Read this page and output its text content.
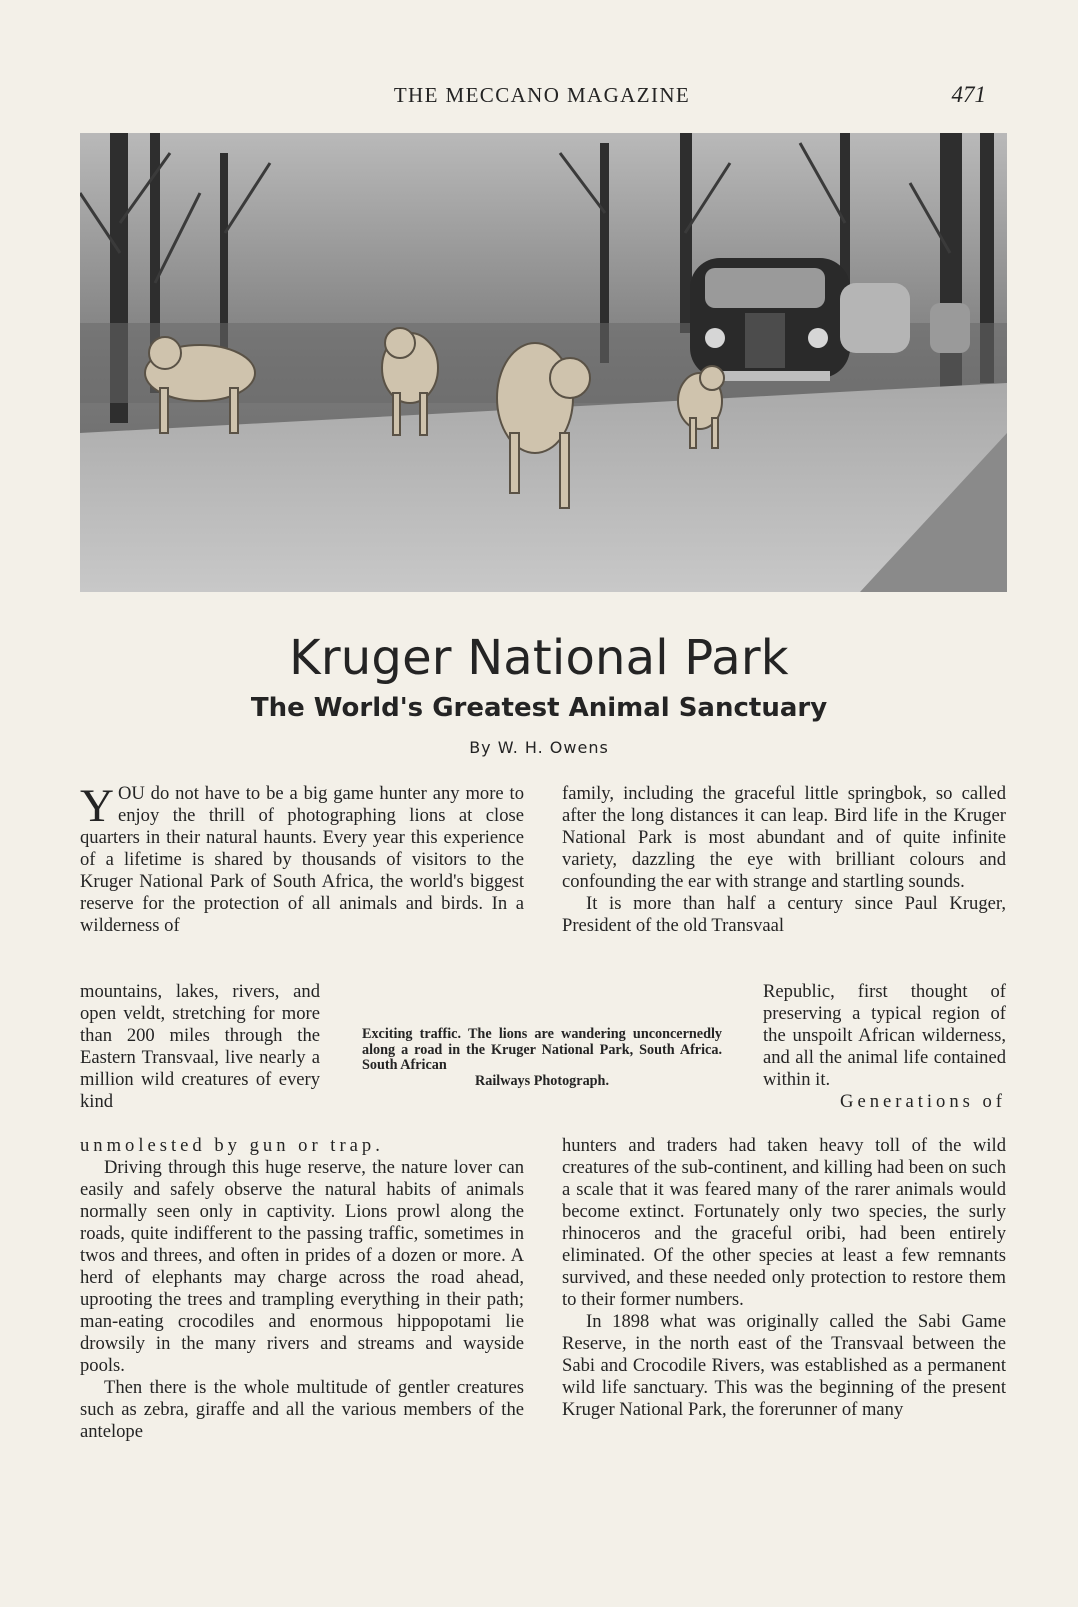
THE MECCANO MAGAZINE	471
Kruger National Park
The World's Greatest Animal Sanctuary
By W. H. Owens

YOU do not have to be a big game hunter any more to enjoy the thrill of photographing lions at close quarters in their natural haunts. Every year this experience of a lifetime is shared by thousands of visitors to the Kruger National Park of South Africa, the world's biggest reserve for the protection of all animals and birds. In a wilderness of

mountains, lakes, rivers, and open veldt, stretching for more than 200 miles through the Eastern Transvaal, live nearly a million wild creatures of every kind

unmolested by gun or trap.

Driving through this huge reserve, the nature lover can easily and safely observe the natural habits of animals normally seen only in captivity. Lions prowl along the roads, quite indifferent to the passing traffic, sometimes in twos and threes, and often in prides of a dozen or more. A herd of elephants may charge across the road ahead, uprooting the trees and trampling everything in their path; man-eating crocodiles and enormous hippopotami lie drowsily in the many rivers and streams and wayside pools.

Then there is the whole multitude of gentler creatures such as zebra, giraffe and all the various members of the antelope

Exciting traffic. The lions are wandering unconcernedly along a road in the Kruger National Park, South Africa. South African
Railways Photograph.

family, including the graceful little springbok, so called after the long distances it can leap. Bird life in the Kruger National Park is most abundant and of quite infinite variety, dazzling the eye with brilliant colours and confounding the ear with strange and startling sounds.

It is more than half a century since Paul Kruger, President of the old Transvaal

Republic, first thought of preserving a typical region of the unspoilt African wilderness, and all the animal life contained within it.

Generations of

hunters and traders had taken heavy toll of the wild creatures of the sub-continent, and killing had been on such a scale that it was feared many of the rarer animals would become extinct. Fortunately only two species, the surly rhinoceros and the graceful oribi, had been entirely eliminated. Of the other species at least a few remnants survived, and these needed only protection to restore them to their former numbers.

In 1898 what was originally called the Sabi Game Reserve, in the north east of the Transvaal between the Sabi and Crocodile Rivers, was established as a permanent wild life sanctuary. This was the beginning of the present Kruger National Park, the forerunner of many
